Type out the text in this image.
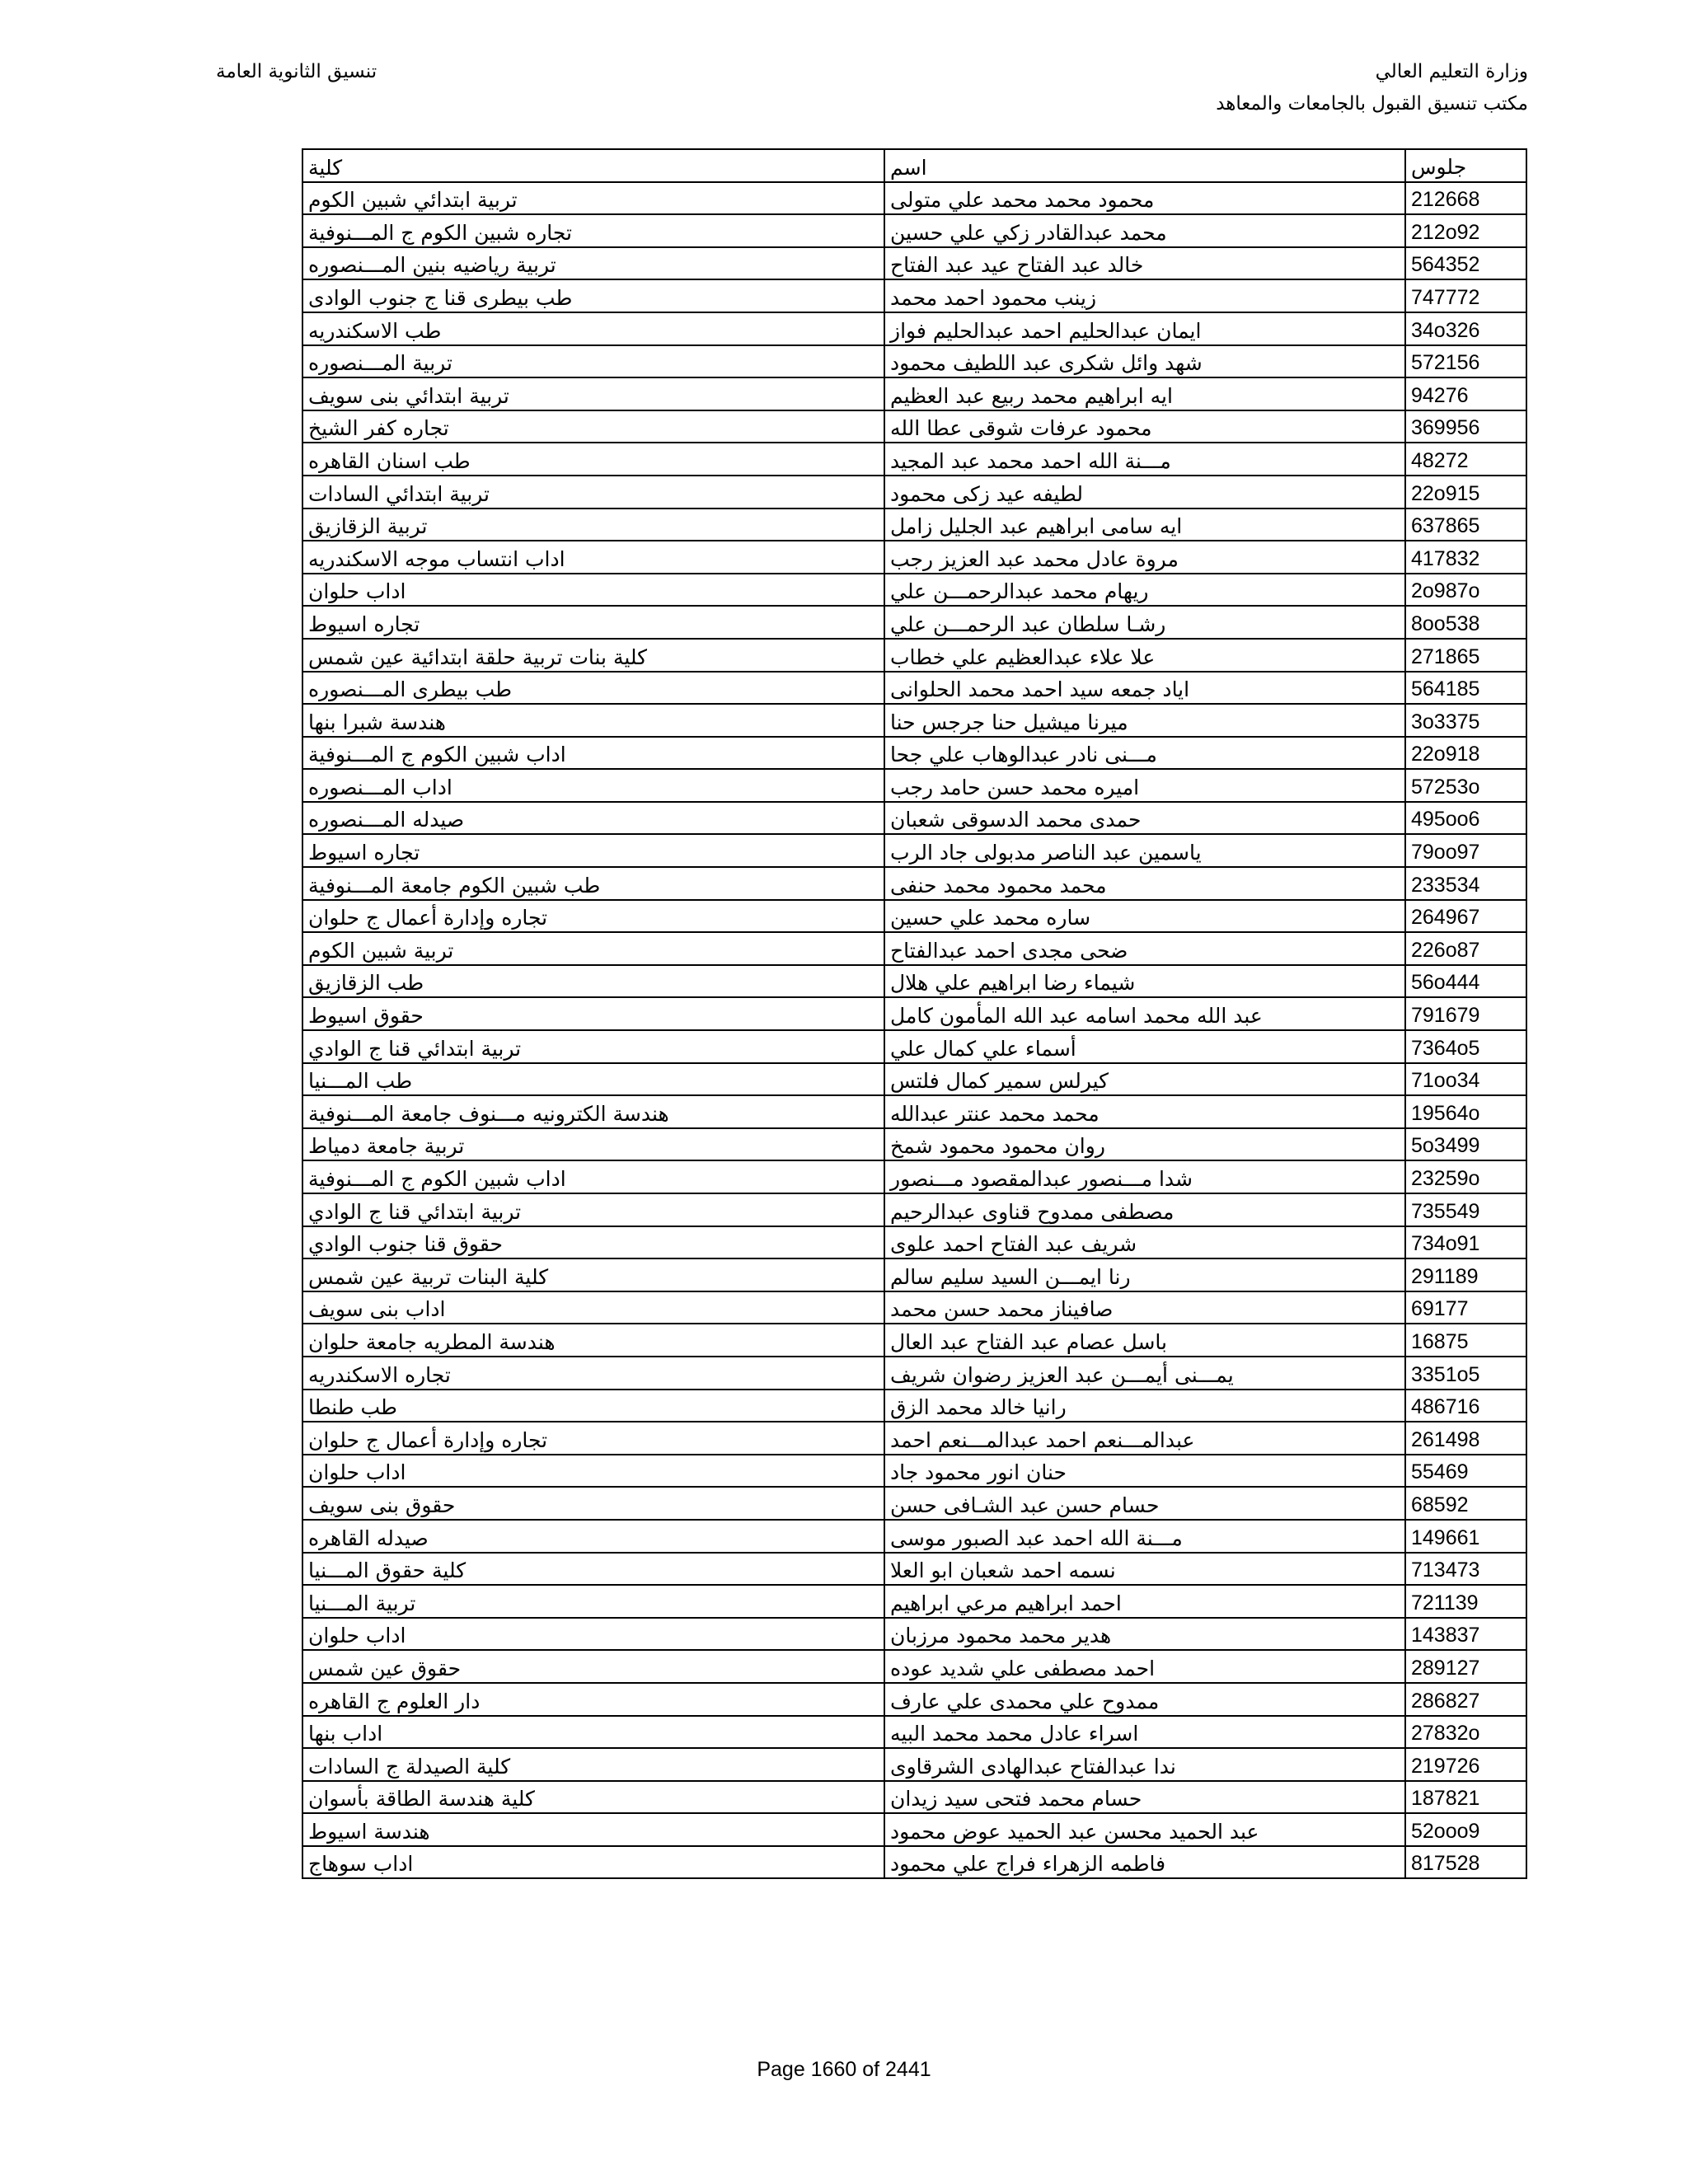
وزارة التعليم العالي
مكتب تنسيق القبول بالجامعات والمعاهد
تنسيق الثانوية العامة
كلية	اسم	جلوس
تربية ابتدائي شبين الكوم	محمود محمد محمد علي متولى	212668
تجاره شبين الكوم ج المـــنوفية	محمد عبدالقادر زكي علي حسين	212o92
تربية رياضيه بنين المـــنصوره	خالد عبد الفتاح عيد عبد الفتاح	564352
طب بيطرى قنا ج جنوب الوادى	زينب محمود احمد محمد	747772
طب الاسكندريه	ايمان عبدالحليم احمد عبدالحليم فواز	34o326
تربية المـــنصوره	شهد وائل شكرى عبد اللطيف محمود	572156
تربية ابتدائي بنى سويف	ايه ابراهيم محمد ربيع عبد العظيم	94276
تجاره كفر الشيخ	محمود عرفات شوقى عطا الله	369956
طب اسنان القاهره	مـــنة الله احمد محمد عبد المجيد	48272
تربية ابتدائي السادات	لطيفه عيد زكى محمود	22o915
تربية الزقازيق	ايه سامى ابراهيم عبد الجليل زامل	637865
اداب انتساب موجه الاسكندريه	مروة عادل محمد عبد العزيز رجب	417832
اداب حلوان	ريهام محمد عبدالرحمـــن علي	2o987o
تجاره اسيوط	رشـا سلطان عبد الرحمـــن علي	8oo538
كلية بنات تربية حلقة ابتدائية عين شمس	علا علاء عبدالعظيم علي خطاب	271865
طب بيطرى المـــنصوره	اياد جمعه سيد احمد محمد الحلوانى	564185
هندسة شبرا بنها	ميرنا ميشيل حنا جرجس حنا	3o3375
اداب شبين الكوم ج المـــنوفية	مـــنى نادر عبدالوهاب علي جحا	22o918
اداب المـــنصوره	اميره محمد حسن حامد رجب	57253o
صيدله المـــنصوره	حمدى محمد الدسوقى شعبان	495oo6
تجاره اسيوط	ياسمين عبد الناصر مدبولى جاد الرب	79oo97
طب شبين الكوم جامعة المـــنوفية	محمد محمود محمد حنفى	233534
تجاره وإدارة أعمال ج حلوان	ساره محمد علي حسين	264967
تربية شبين الكوم	ضحى مجدى احمد عبدالفتاح	226o87
طب الزقازيق	شيماء رضا ابراهيم علي هلال	56o444
حقوق اسيوط	عبد الله محمد اسامه عبد الله المأمون كامل	791679
تربية ابتدائي قنا ج الوادي	أسماء علي كمال علي	7364o5
طب المـــنيا	كيرلس سمير كمال فلتس	71oo34
هندسة الكترونيه مـــنوف جامعة المـــنوفية	محمد محمد عنتر عبدالله	19564o
تربية جامعة دمياط	روان محمود محمود شمخ	5o3499
اداب شبين الكوم ج المـــنوفية	شدا مـــنصور عبدالمقصود مـــنصور	23259o
تربية ابتدائي قنا ج الوادي	مصطفى ممدوح قناوى عبدالرحيم	735549
حقوق قنا جنوب الوادي	شريف عبد الفتاح احمد علوى	734o91
كلية البنات تربية عين شمس	رنا ايمـــن السيد سليم سالم	291189
اداب بنى سويف	صافيناز محمد حسن محمد	69177
هندسة المطريه جامعة حلوان	باسل عصام عبد الفتاح عبد العال	16875
تجاره الاسكندريه	يمـــنى أيمـــن عبد العزيز رضوان شريف	3351o5
طب طنطا	رانيا خالد محمد الزق	486716
تجاره وإدارة أعمال ج حلوان	عبدالمـــنعم احمد عبدالمـــنعم احمد	261498
اداب حلوان	حنان انور محمود جاد	55469
حقوق بنى سويف	حسام حسن عبد الشـافى حسن	68592
صيدله القاهره	مـــنة الله احمد عبد الصبور موسى	149661
كلية حقوق المـــنيا	نسمه احمد شعبان ابو العلا	713473
تربية المـــنيا	احمد ابراهيم مرعي ابراهيم	721139
اداب حلوان	هدير محمد محمود مرزبان	143837
حقوق عين شمس	احمد مصطفى علي شديد عوده	289127
دار العلوم ج القاهره	ممدوح علي محمدى علي عارف	286827
اداب بنها	اسراء عادل محمد محمد البيه	27832o
كلية الصيدلة ج السادات	ندا عبدالفتاح عبدالهادى الشرقاوى	219726
كلية هندسة الطاقة بأسوان	حسام محمد فتحى سيد زيدان	187821
هندسة اسيوط	عبد الحميد محسن عبد الحميد عوض محمود	52ooo9
اداب سوهاج	فاطمه الزهراء فراج علي محمود	817528
Page 1660 of 2441
